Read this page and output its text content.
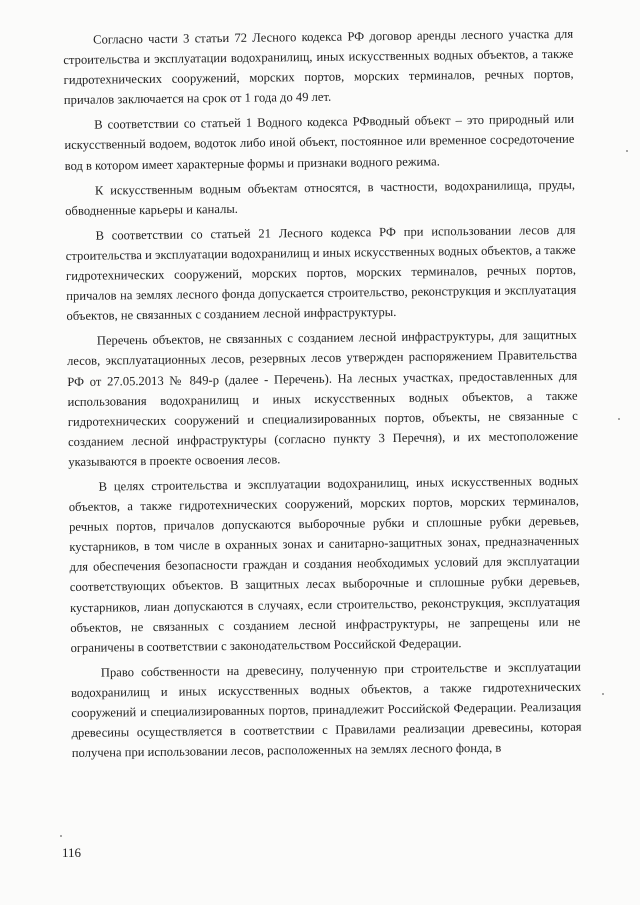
Согласно части 3 статьи 72 Лесного кодекса РФ договор аренды лесного участка для строительства и эксплуатации водохранилищ, иных искусственных водных объектов, а также гидротехнических сооружений, морских портов, морских терминалов, речных портов, причалов заключается на срок от 1 года до 49 лет.

В соответствии со статьей 1 Водного кодекса РФводный объект – это природный или искусственный водоем, водоток либо иной объект, постоянное или временное сосредоточение вод в котором имеет характерные формы и признаки водного режима.

К искусственным водным объектам относятся, в частности, водохранилища, пруды, обводненные карьеры и каналы.

В соответствии со статьей 21 Лесного кодекса РФ при использовании лесов для строительства и эксплуатации водохранилищ и иных искусственных водных объектов, а также гидротехнических сооружений, морских портов, морских терминалов, речных портов, причалов на землях лесного фонда допускается строительство, реконструкция и эксплуатация объектов, не связанных с созданием лесной инфраструктуры.

Перечень объектов, не связанных с созданием лесной инфраструктуры, для защитных лесов, эксплуатационных лесов, резервных лесов утвержден распоряжением Правительства РФ от 27.05.2013 № 849-р (далее - Перечень). На лесных участках, предоставленных для использования водохранилищ и иных искусственных водных объектов, а также гидротехнических сооружений и специализированных портов, объекты, не связанные с созданием лесной инфраструктуры (согласно пункту 3 Перечня), и их местоположение указываются в проекте освоения лесов.

В целях строительства и эксплуатации водохранилищ, иных искусственных водных объектов, а также гидротехнических сооружений, морских портов, морских терминалов, речных портов, причалов допускаются выборочные рубки и сплошные рубки деревьев, кустарников, в том числе в охранных зонах и санитарно-защитных зонах, предназначенных для обеспечения безопасности граждан и создания необходимых условий для эксплуатации соответствующих объектов. В защитных лесах выборочные и сплошные рубки деревьев, кустарников, лиан допускаются в случаях, если строительство, реконструкция, эксплуатация объектов, не связанных с созданием лесной инфраструктуры, не запрещены или не ограничены в соответствии с законодательством Российской Федерации.

Право собственности на древесину, полученную при строительстве и эксплуатации водохранилищ и иных искусственных водных объектов, а также гидротехнических сооружений и специализированных портов, принадлежит Российской Федерации. Реализация древесины осуществляется в соответствии с Правилами реализации древесины, которая получена при использовании лесов, расположенных на землях лесного фонда, в

116
